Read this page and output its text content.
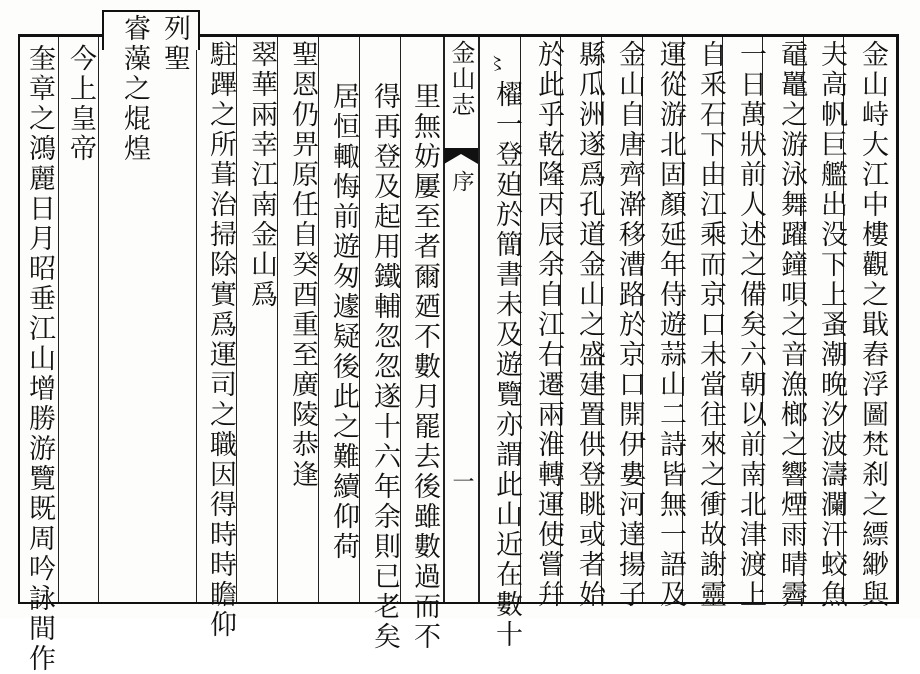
列聖
睿藻之焜煌	金山志
序
一
〻	金山峙大江中樓觀之戢舂浮圖梵刹之縹緲與
夫高帆巨艦出没下上蚤潮晚汐波濤瀾汗蛟魚
黿鼉之游泳舞躍鐘唄之音漁榔之響煙雨晴霽
一日萬狀前人述之備矣六朝以前南北津渡上
自釆石下由江乘而京口未當往來之衝故謝靈
運從游北固顏延年侍遊蒜山二詩皆無一語及
金山自唐齊澣移漕路於京口開伊婁河達揚子
縣瓜洲遂爲孔道金山之盛建置供登眺或者始
於此乎乾隆丙辰余自江右遷兩淮轉運使嘗幷
櫂一登廹於簡書未及遊覽亦謂此山近在數十
里無妨屢至者爾廼不數月罷去後雖數過而不
得再登及起用鐵輔忽忽遂十六年余則已老矣
居恒輙悔前遊匆遽疑後此之難續仰荷
聖恩仍畀原任自癸酉重至廣陵恭逢
翠華兩幸江南金山爲
駐蹕之所葺治掃除實爲運司之職因得時時瞻仰
今上皇帝
奎章之鴻麗日月昭垂江山增勝游覽既周吟詠間作
